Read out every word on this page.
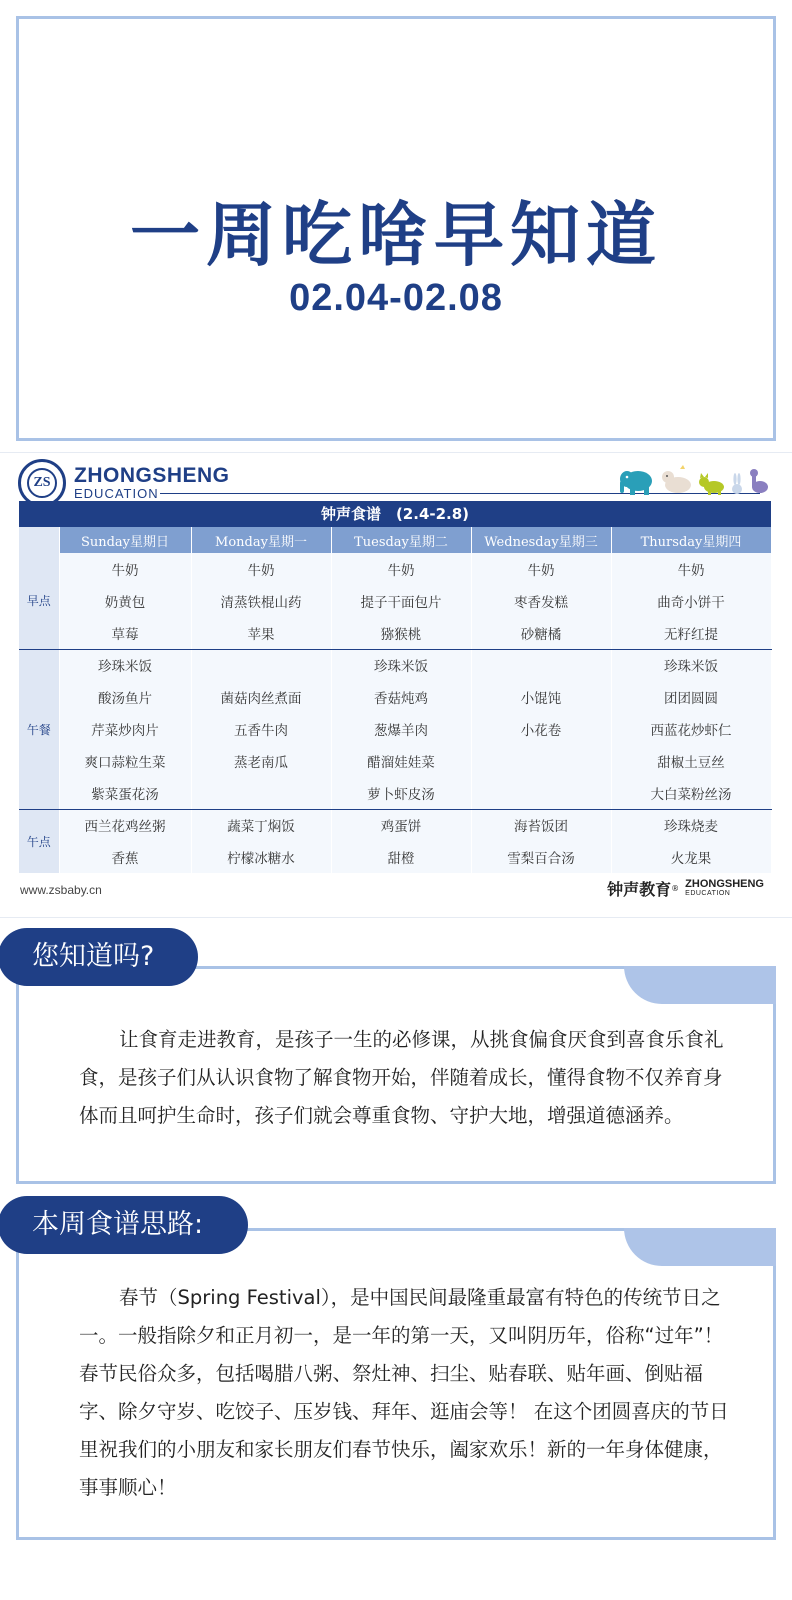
一周吃啥早知道
02.04-02.08
ZS	ZHONGSHENG
EDUCATION
钟声食谱　(2.4-2.8)
	Sunday星期日	Monday星期一	Tuesday星期二	Wednesday星期三	Thursday星期四
早点	牛奶	牛奶	牛奶	牛奶	牛奶
	奶黄包	清蒸铁棍山药	提子干面包片	枣香发糕	曲奇小饼干
	草莓	苹果	猕猴桃	砂糖橘	无籽红提
午餐	珍珠米饭		珍珠米饭		珍珠米饭
	酸汤鱼片	菌菇肉丝煮面	香菇炖鸡	小馄饨	团团圆圆
	芹菜炒肉片	五香牛肉	葱爆羊肉	小花卷	西蓝花炒虾仁
	爽口蒜粒生菜	蒸老南瓜	醋溜娃娃菜		甜椒土豆丝
	紫菜蛋花汤		萝卜虾皮汤		大白菜粉丝汤
午点	西兰花鸡丝粥	蔬菜丁焖饭	鸡蛋饼	海苔饭团	珍珠烧麦
	香蕉	柠檬冰糖水	甜橙	雪梨百合汤	火龙果
www.zsbaby.cn	钟声教育 ® ZHONGSHENG
EDUCATION
让食育走进教育，是孩子一生的必修课，从挑食偏食厌食到喜食乐食礼食，是孩子们从认识食物了解食物开始，伴随着成长，懂得食物不仅养育身体而且呵护生命时，孩子们就会尊重食物、守护大地，增强道德涵养。
您知道吗?
春节（Spring Festival），是中国民间最隆重最富有特色的传统节日之一。一般指除夕和正月初一，是一年的第一天，又叫阴历年，俗称“过年”！ 春节民俗众多，包括喝腊八粥、祭灶神、扫尘、贴春联、贴年画、倒贴福字、除夕守岁、吃饺子、压岁钱、拜年、逛庙会等！ 在这个团圆喜庆的节日里祝我们的小朋友和家长朋友们春节快乐，阖家欢乐！新的一年身体健康，事事顺心！
本周食谱思路:
